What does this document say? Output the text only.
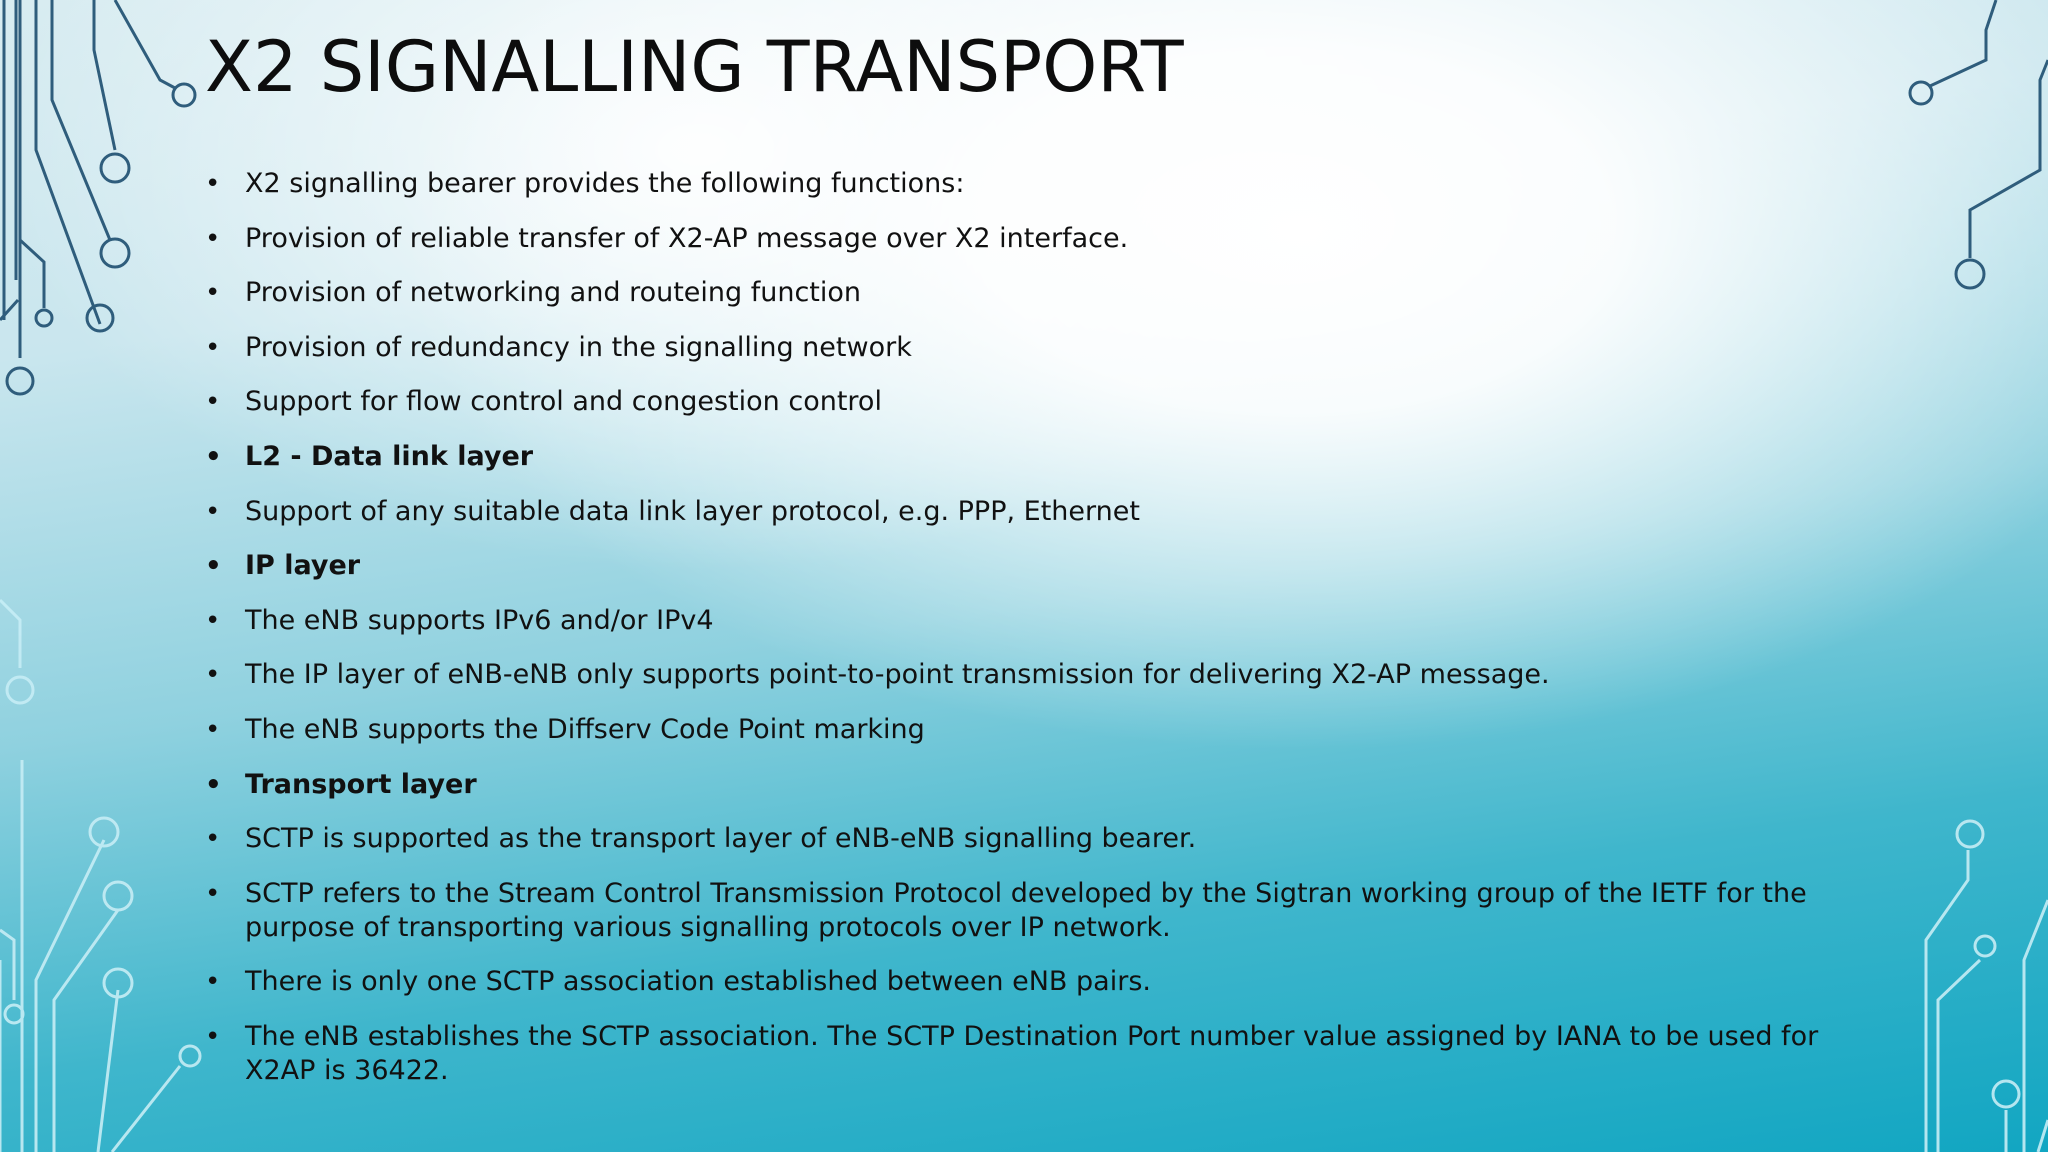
X2 SIGNALLING TRANSPORT
• X2 signalling bearer provides the following functions:
• Provision of reliable transfer of X2-AP message over X2 interface.
• Provision of networking and routeing function
• Provision of redundancy in the signalling network
• Support for flow control and congestion control
• L2 - Data link layer
• Support of any suitable data link layer protocol, e.g. PPP, Ethernet
• IP layer
• The eNB supports IPv6 and/or IPv4
• The IP layer of eNB-eNB only supports point-to-point transmission for delivering X2-AP message.
• The eNB supports the Diffserv Code Point marking
• Transport layer
• SCTP is supported as the transport layer of eNB-eNB signalling bearer.
• SCTP refers to the Stream Control Transmission Protocol developed by the Sigtran working group of the IETF for the purpose of transporting various signalling protocols over IP network.
• There is only one SCTP association established between eNB pairs.
• The eNB establishes the SCTP association. The SCTP Destination Port number value assigned by IANA to be used for X2AP is 36422.
